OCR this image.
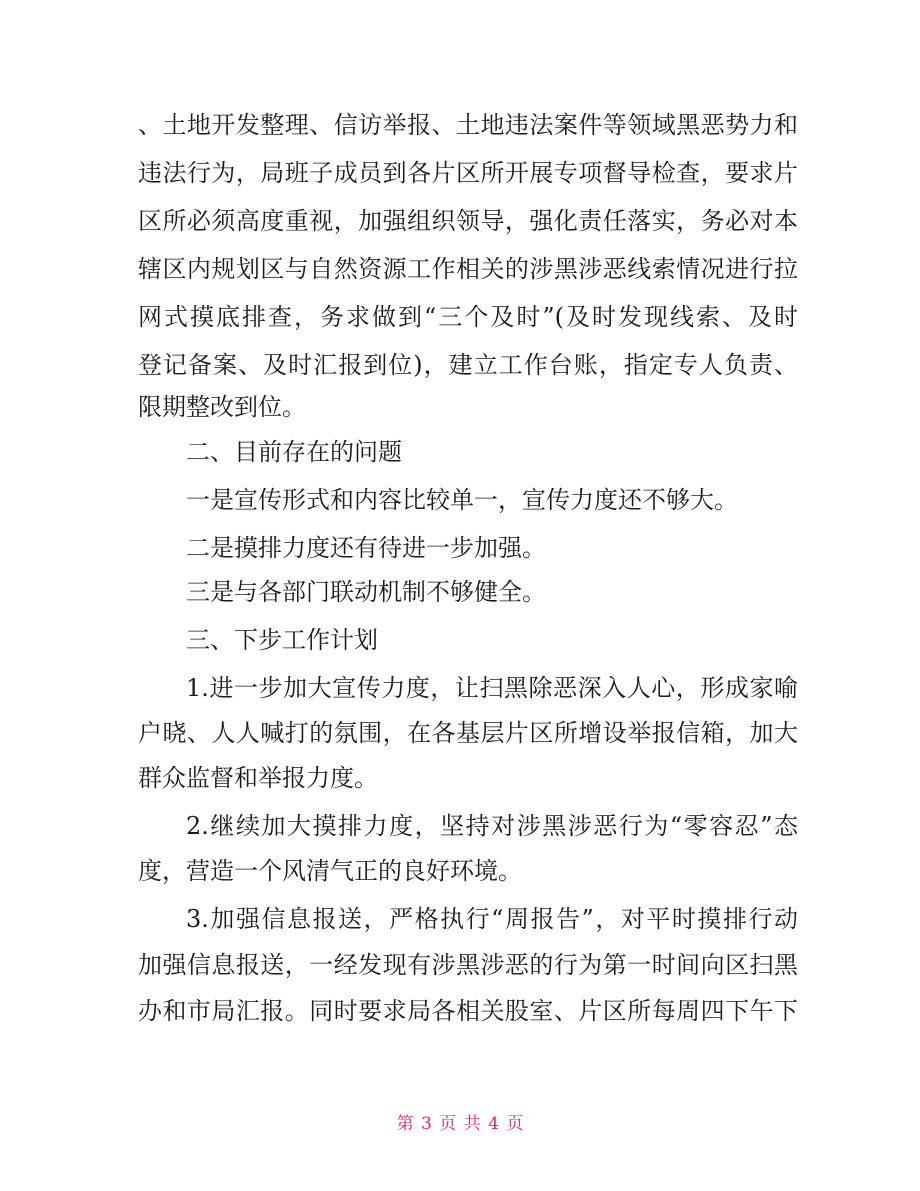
、土地开发整理、信访举报、土地违法案件等领域黑恶势力和
违法行为，局班子成员到各片区所开展专项督导检查，要求片
区所必须高度重视，加强组织领导，强化责任落实，务必对本
辖区内规划区与自然资源工作相关的涉黑涉恶线索情况进行拉
网式摸底排查，务求做到“三个及时”(及时发现线索、及时
登记备案、及时汇报到位)，建立工作台账，指定专人负责、
限期整改到位。
二、目前存在的问题
一是宣传形式和内容比较单一，宣传力度还不够大。
二是摸排力度还有待进一步加强。
三是与各部门联动机制不够健全。
三、下步工作计划
1.进一步加大宣传力度，让扫黑除恶深入人心，形成家喻
户晓、人人喊打的氛围，在各基层片区所增设举报信箱，加大
群众监督和举报力度。
2.继续加大摸排力度，坚持对涉黑涉恶行为“零容忍”态
度，营造一个风清气正的良好环境。
3.加强信息报送，严格执行“周报告”，对平时摸排行动
加强信息报送，一经发现有涉黑涉恶的行为第一时间向区扫黑
办和市局汇报。同时要求局各相关股室、片区所每周四下午下
第 3 页 共 4 页
